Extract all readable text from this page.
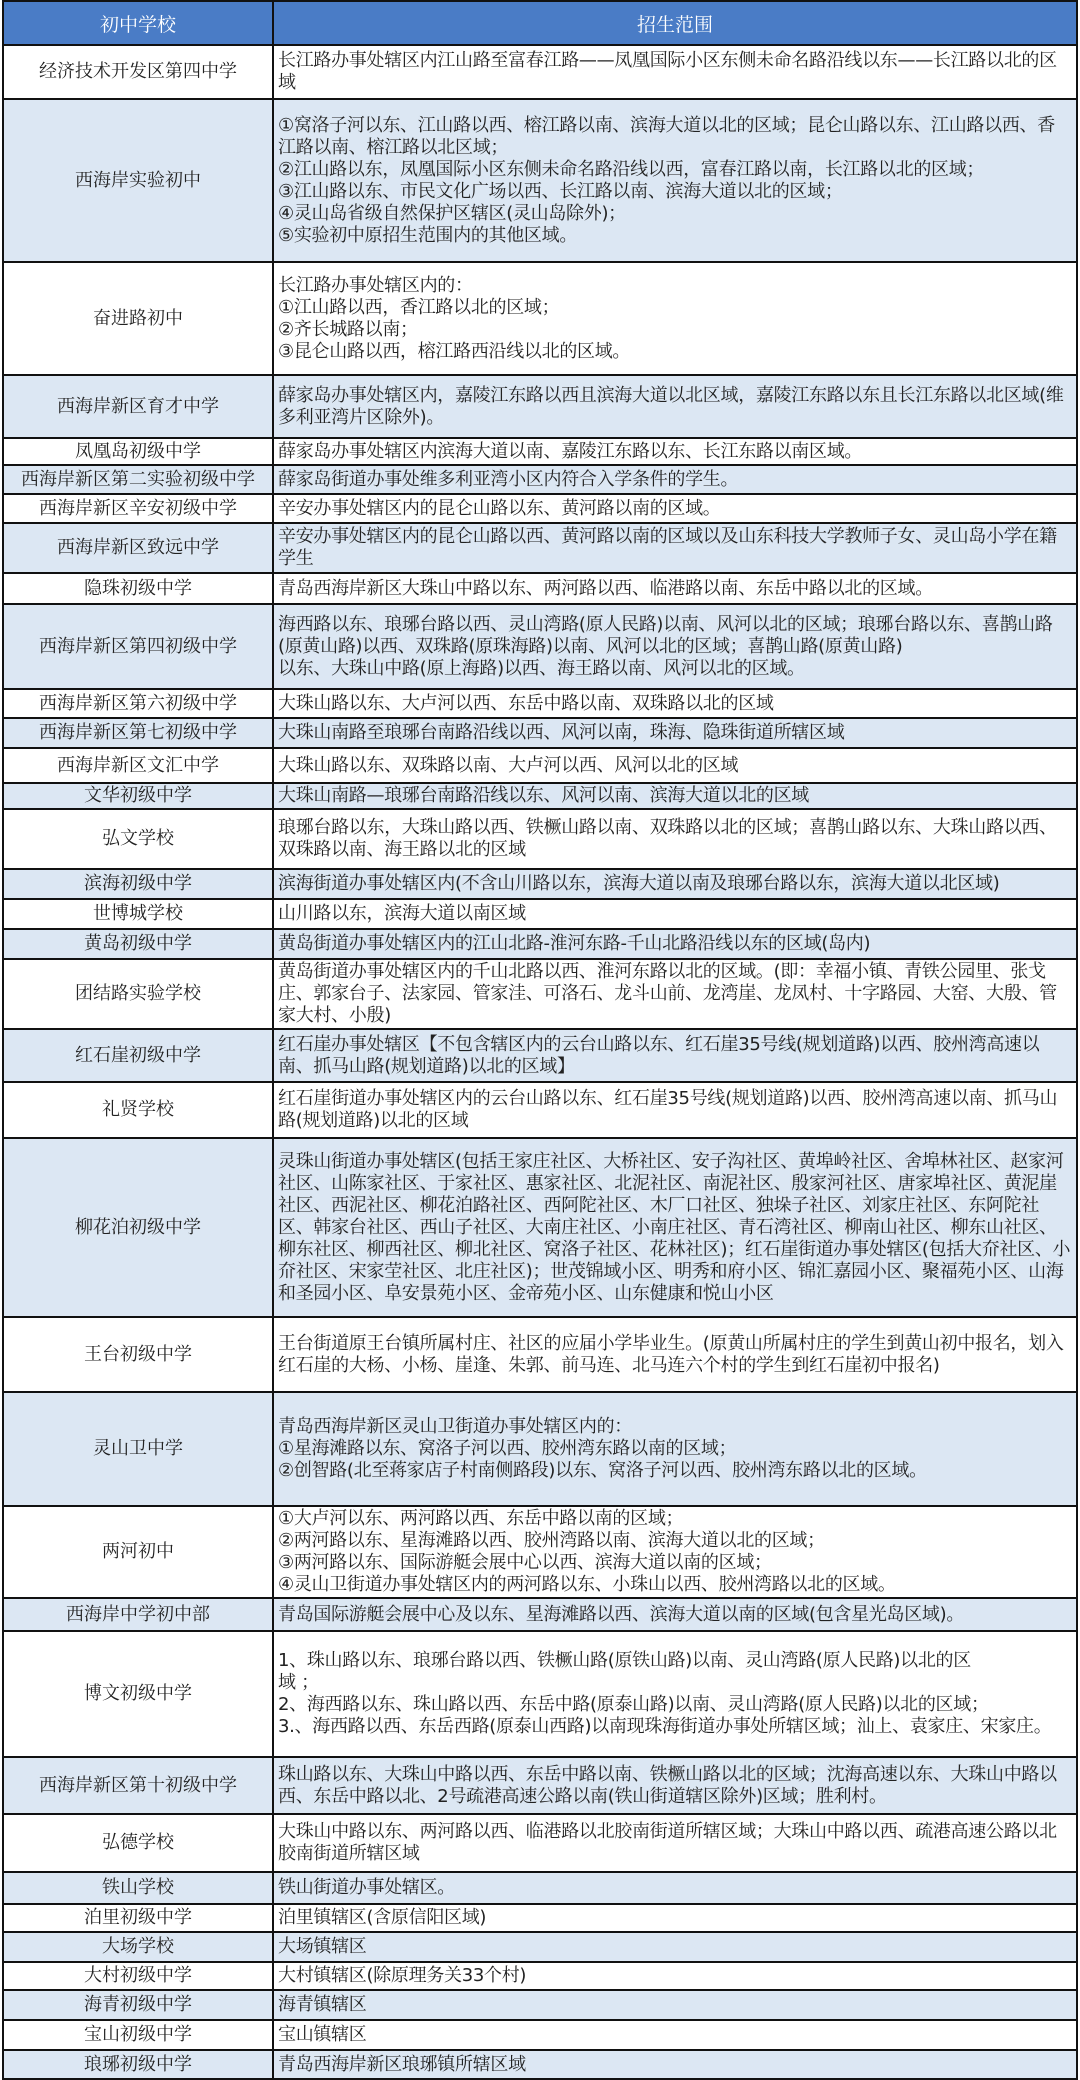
初中学校	招生范围
经济技术开发区第四中学	长江路办事处辖区内江山路至富春江路——凤凰国际小区东侧未命名路沿线以东——长江路以北的区域
西海岸实验初中	①窝洛子河以东、江山路以西、榕江路以南、滨海大道以北的区域；昆仑山路以东、江山路以西、香江路以南、榕江路以北区域；
②江山路以东，凤凰国际小区东侧未命名路沿线以西，富春江路以南，长江路以北的区域；
③江山路以东、市民文化广场以西、长江路以南、滨海大道以北的区域；
④灵山岛省级自然保护区辖区(灵山岛除外)；
⑤实验初中原招生范围内的其他区域。
奋进路初中	长江路办事处辖区内的：
①江山路以西，香江路以北的区域；
②齐长城路以南；
③昆仑山路以西，榕江路西沿线以北的区域。
西海岸新区育才中学	薛家岛办事处辖区内，嘉陵江东路以西且滨海大道以北区域，嘉陵江东路以东且长江东路以北区域(维多利亚湾片区除外)。
凤凰岛初级中学	薛家岛办事处辖区内滨海大道以南、嘉陵江东路以东、长江东路以南区域。
西海岸新区第二实验初级中学	薛家岛街道办事处维多利亚湾小区内符合入学条件的学生。
西海岸新区辛安初级中学	辛安办事处辖区内的昆仑山路以东、黄河路以南的区域。
西海岸新区致远中学	辛安办事处辖区内的昆仑山路以西、黄河路以南的区域以及山东科技大学教师子女、灵山岛小学在籍学生
隐珠初级中学	青岛西海岸新区大珠山中路以东、两河路以西、临港路以南、东岳中路以北的区域。
西海岸新区第四初级中学	海西路以东、琅琊台路以西、灵山湾路(原人民路)以南、风河以北的区域；琅琊台路以东、喜鹊山路(原黄山路)以西、双珠路(原珠海路)以南、风河以北的区域；喜鹊山路(原黄山路)
以东、大珠山中路(原上海路)以西、海王路以南、风河以北的区域。
西海岸新区第六初级中学	大珠山路以东、大卢河以西、东岳中路以南、双珠路以北的区域
西海岸新区第七初级中学	大珠山南路至琅琊台南路沿线以西、风河以南，珠海、隐珠街道所辖区域
西海岸新区文汇中学	大珠山路以东、双珠路以南、大卢河以西、风河以北的区域
文华初级中学	大珠山南路—琅琊台南路沿线以东、风河以南、滨海大道以北的区域
弘文学校	琅琊台路以东，大珠山路以西、铁橛山路以南、双珠路以北的区域；喜鹊山路以东、大珠山路以西、双珠路以南、海王路以北的区域
滨海初级中学	滨海街道办事处辖区内(不含山川路以东，滨海大道以南及琅琊台路以东，滨海大道以北区域)
世博城学校	山川路以东，滨海大道以南区域
黄岛初级中学	黄岛街道办事处辖区内的江山北路-淮河东路-千山北路沿线以东的区域(岛内)
团结路实验学校	黄岛街道办事处辖区内的千山北路以西、淮河东路以北的区域。(即：幸福小镇、青铁公园里、张戈庄、郭家台子、法家园、管家洼、可洛石、龙斗山前、龙湾崖、龙凤村、十字路园、大窑、大殷、管家大村、小殷)
红石崖初级中学	红石崖办事处辖区【不包含辖区内的云台山路以东、红石崖35号线(规划道路)以西、胶州湾高速以南、抓马山路(规划道路)以北的区域】
礼贤学校	红石崖街道办事处辖区内的云台山路以东、红石崖35号线(规划道路)以西、胶州湾高速以南、抓马山路(规划道路)以北的区域
柳花泊初级中学	灵珠山街道办事处辖区(包括王家庄社区、大桥社区、安子沟社区、黄埠岭社区、舍埠林社区、赵家河社区、山陈家社区、于家社区、惠家社区、北泥社区、南泥社区、殷家河社区、唐家埠社区、黄泥崖社区、西泥社区、柳花泊路社区、西阿陀社区、木厂口社区、独垛子社区、刘家庄社区、东阿陀社区、韩家台社区、西山子社区、大南庄社区、小南庄社区、青石湾社区、柳南山社区、柳东山社区、柳东社区、柳西社区、柳北社区、窝洛子社区、花林社区)；红石崖街道办事处辖区(包括大夼社区、小夼社区、宋家茔社区、北庄社区)；世茂锦域小区、明秀和府小区、锦汇嘉园小区、聚福苑小区、山海和圣园小区、阜安景苑小区、金帝苑小区、山东健康和悦山小区
王台初级中学	王台街道原王台镇所属村庄、社区的应届小学毕业生。(原黄山所属村庄的学生到黄山初中报名，划入红石崖的大杨、小杨、崖逢、朱郭、前马连、北马连六个村的学生到红石崖初中报名)
灵山卫中学	青岛西海岸新区灵山卫街道办事处辖区内的：
①星海滩路以东、窝洛子河以西、胶州湾东路以南的区域；
②创智路(北至蒋家店子村南侧路段)以东、窝洛子河以西、胶州湾东路以北的区域。
两河初中	①大卢河以东、两河路以西、东岳中路以南的区域；
②两河路以东、星海滩路以西、胶州湾路以南、滨海大道以北的区域；
③两河路以东、国际游艇会展中心以西、滨海大道以南的区域；
④灵山卫街道办事处辖区内的两河路以东、小珠山以西、胶州湾路以北的区域。
西海岸中学初中部	青岛国际游艇会展中心及以东、星海滩路以西、滨海大道以南的区域(包含星光岛区域)。
博文初级中学	1、珠山路以东、琅琊台路以西、铁橛山路(原铁山路)以南、灵山湾路(原人民路)以北的区
域 ；
2、海西路以东、珠山路以西、东岳中路(原泰山路)以南、灵山湾路(原人民路)以北的区域；
3.、海西路以西、东岳西路(原泰山西路)以南现珠海街道办事处所辖区域；汕上、袁家庄、宋家庄。
西海岸新区第十初级中学	珠山路以东、大珠山中路以西、东岳中路以南、铁橛山路以北的区域；沈海高速以东、大珠山中路以西、东岳中路以北、2号疏港高速公路以南(铁山街道辖区除外)区域；胜利村。
弘德学校	大珠山中路以东、两河路以西、临港路以北胶南街道所辖区域；大珠山中路以西、疏港高速公路以北胶南街道所辖区域
铁山学校	铁山街道办事处辖区。
泊里初级中学	泊里镇辖区(含原信阳区域)
大场学校	大场镇辖区
大村初级中学	大村镇辖区(除原理务关33个村)
海青初级中学	海青镇辖区
宝山初级中学	宝山镇辖区
琅琊初级中学	青岛西海岸新区琅琊镇所辖区域
